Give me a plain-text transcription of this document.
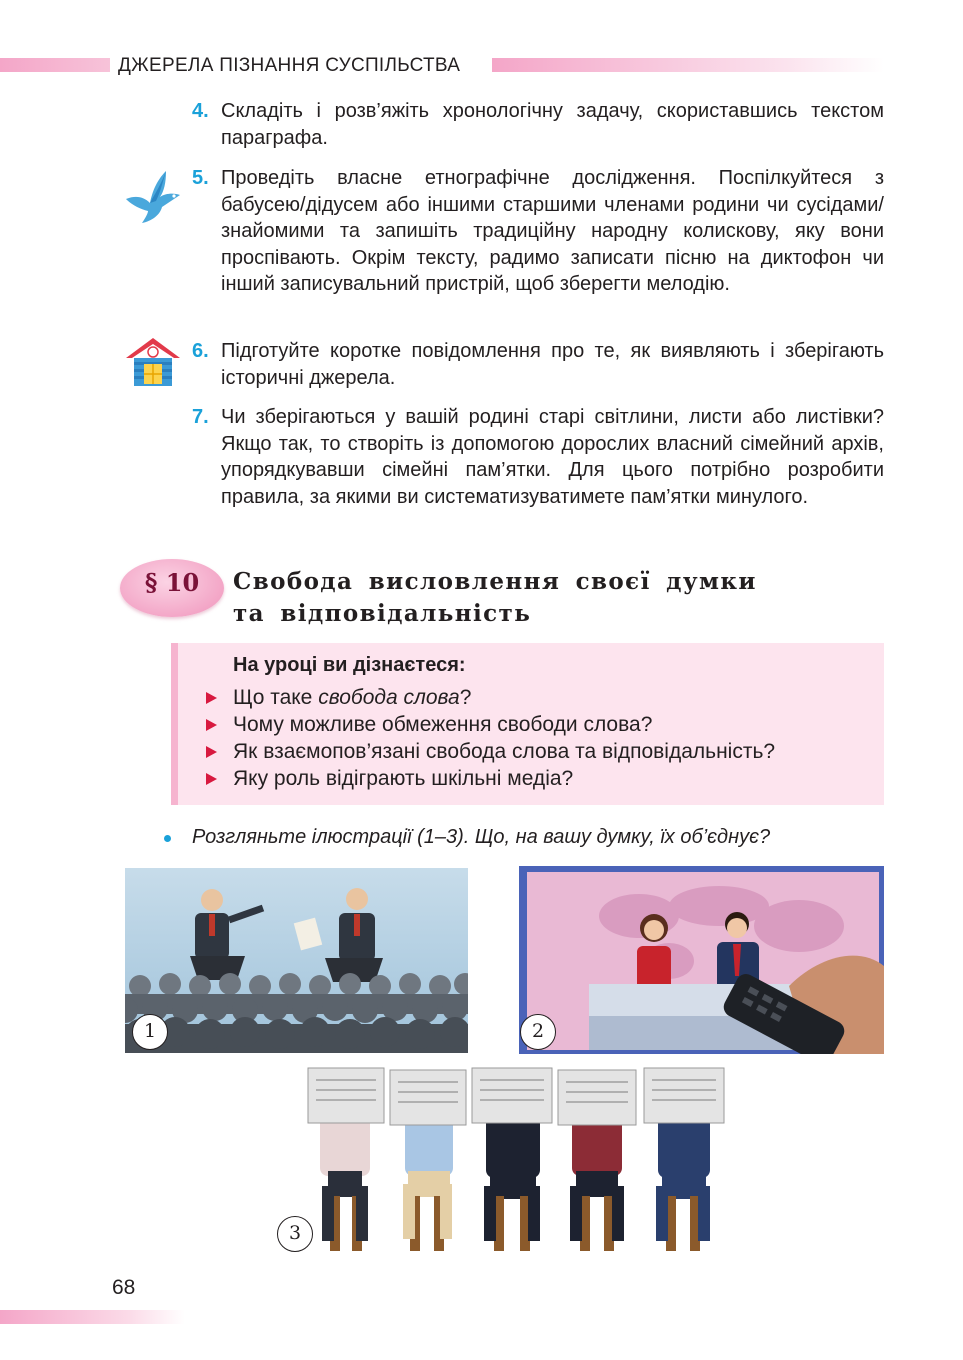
ДЖЕРЕЛА ПІЗНАННЯ СУСПІЛЬСТВА
4. Складіть і розв’яжіть хронологічну задачу, скориставшись текстом параграфа.
5. Проведіть власне етнографічне дослідження. Поспілкуйтеся з бабусею/дідусем або іншими старшими членами родини чи сусідами/знайомими та запишіть традиційну народну колискову, яку вони проспівають. Окрім тексту, радимо записати пісню на диктофон чи інший записувальний пристрій, щоб зберегти мелодію.
6. Підготуйте коротке повідомлення про те, як виявляють і зберігають історичні джерела.
7. Чи зберігаються у вашій родині старі світлини, листи або листівки? Якщо так, то створіть із допомогою дорослих власний сімейний архів, упорядкувавши сімейні пам’ятки. Для цього потрібно розробити правила, за якими ви систематизуватимете пам’ятки минулого.
§ 10	Свобода висловлення своєї думки
та відповідальність
На уроці ви дізнаєтеся:
Що таке свобода слова?
Чому можливе обмеження свободи слова?
Як взаємопов’язані свобода слова та відповідальність?
Яку роль відіграють шкільні медіа?
Розгляньте ілюстрації (1–3). Що, на вашу думку, їх об’єднує?
1	2
3
68
